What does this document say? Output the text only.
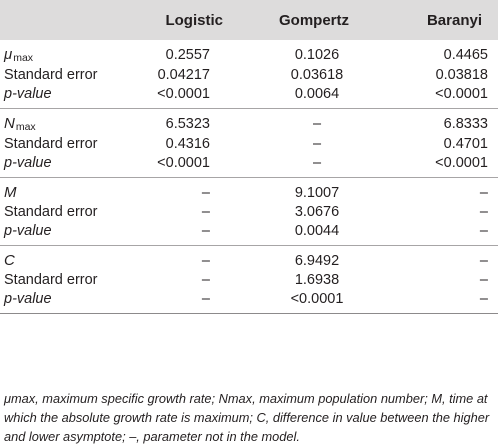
	Logistic	Gompertz	Baranyi
μmax	0.2557	0.1026	0.4465
Standard error	0.04217	0.03618	0.03818
p-value	<0.0001	0.0064	<0.0001
Nmax	6.5323	–	6.8333
Standard error	0.4316	–	0.4701
p-value	<0.0001	–	<0.0001
M	–	9.1007	–
Standard error	–	3.0676	–
p-value	–	0.0044	–
C	–	6.9492	–
Standard error	–	1.6938	–
p-value	–	<0.0001	–

μmax, maximum specific growth rate; Nmax, maximum population number; M, time at which the absolute growth rate is maximum; C, difference in value between the higher and lower asymptote; –, parameter not in the model.
